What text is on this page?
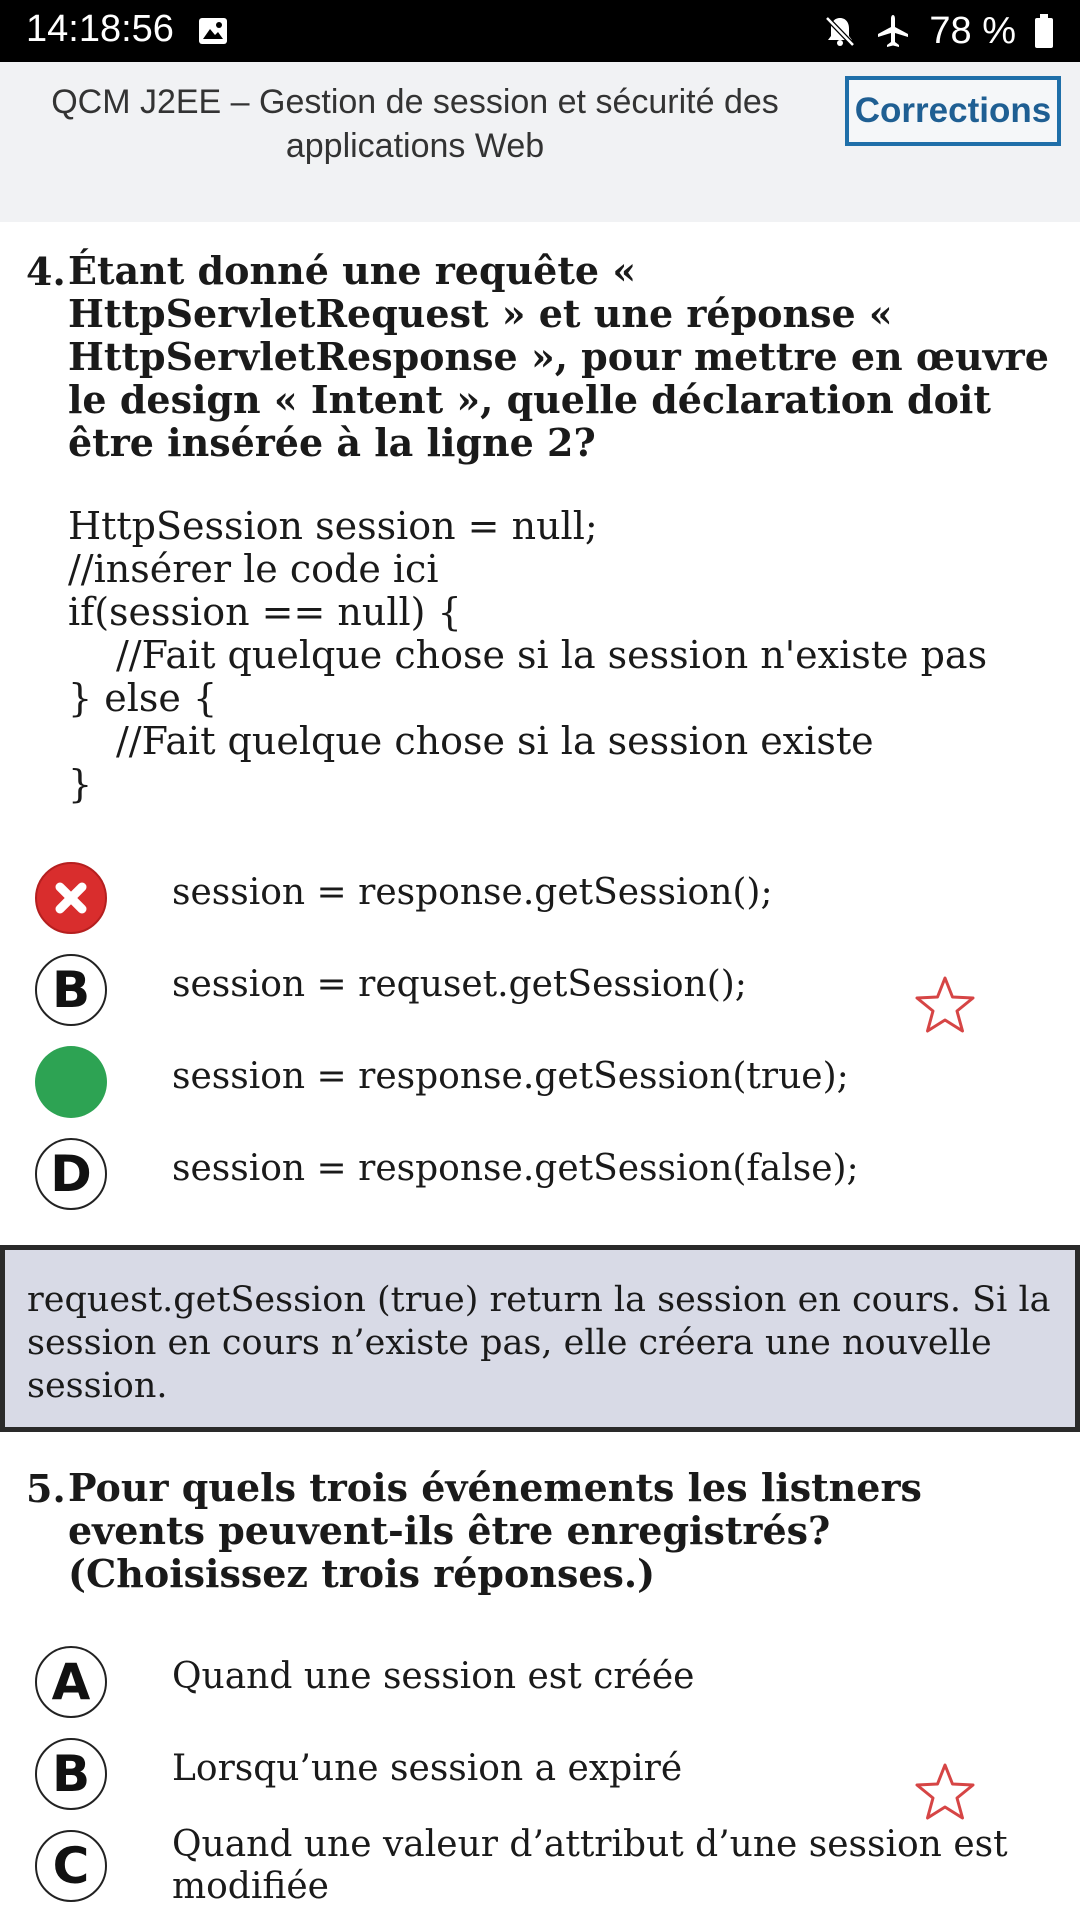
14:18:56	78 %
QCM J2EE – Gestion de session et sécurité des applications Web
Corrections
4. Étant donné une requête « HttpServletRequest » et une réponse « HttpServletResponse », pour mettre en œuvre le design « Intent », quelle déclaration doit être insérée à la ligne 2?
HttpSession session = null;
//insérer le code ici
if(session == null) {
//Fait quelque chose si la session n'existe pas
} else {
//Fait quelque chose si la session existe
}
session = response.getSession();
B	session = requset.getSession();
session = response.getSession(true);
D	session = response.getSession(false);
request.getSession (true) return la session en cours. Si la session en cours n’existe pas, elle créera une nouvelle session.
5. Pour quels trois événements les listners events peuvent-ils être enregistrés? (Choisissez trois réponses.)
A	Quand une session est créée
B	Lorsqu’une session a expiré
C	Quand une valeur d’attribut d’une session est modifiée
